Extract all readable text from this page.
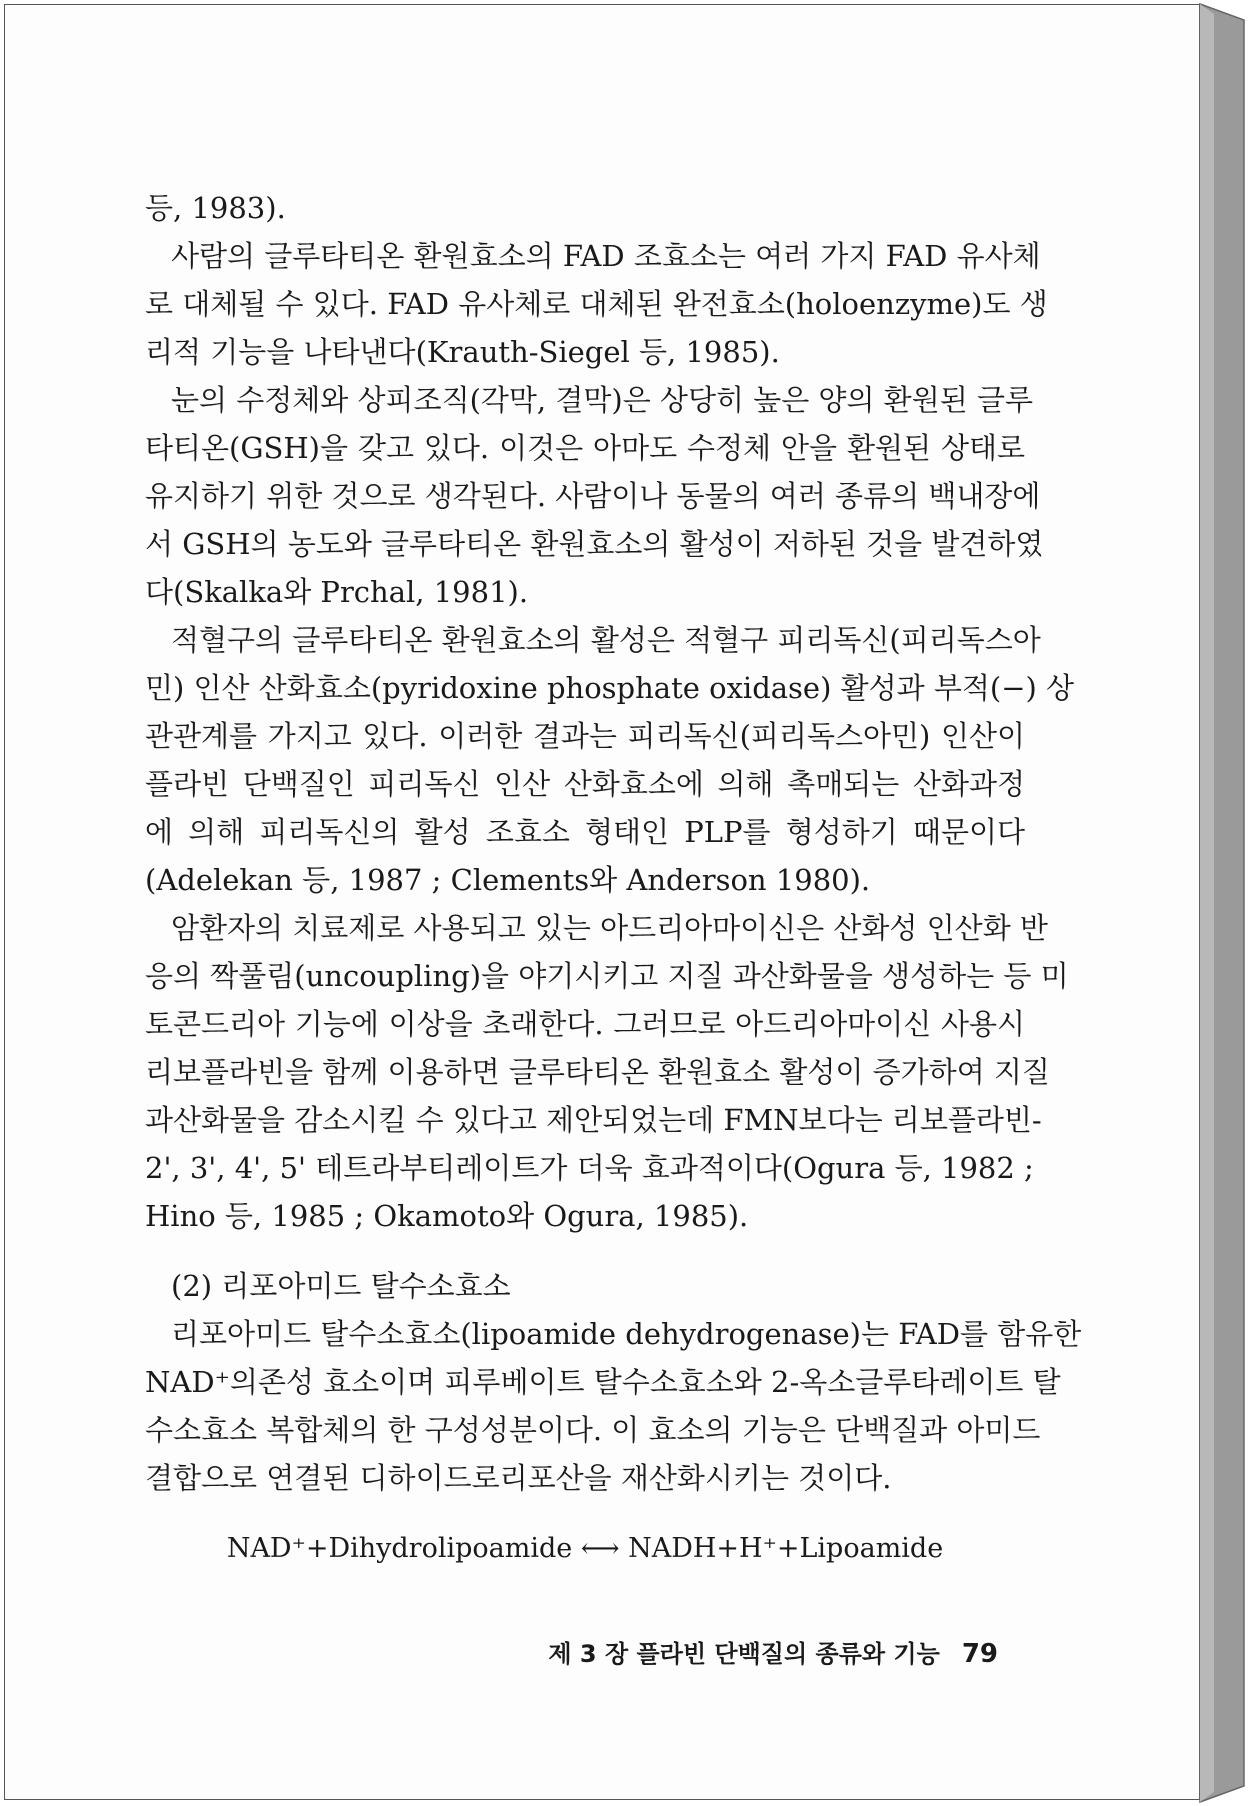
등, 1983).
사람의 글루타티온 환원효소의 FAD 조효소는 여러 가지 FAD 유사체
로 대체될 수 있다. FAD 유사체로 대체된 완전효소(holoenzyme)도 생
리적 기능을 나타낸다(Krauth-Siegel 등, 1985).
눈의 수정체와 상피조직(각막, 결막)은 상당히 높은 양의 환원된 글루
타티온(GSH)을 갖고 있다. 이것은 아마도 수정체 안을 환원된 상태로
유지하기 위한 것으로 생각된다. 사람이나 동물의 여러 종류의 백내장에
서 GSH의 농도와 글루타티온 환원효소의 활성이 저하된 것을 발견하였
다(Skalka와 Prchal, 1981).
적혈구의 글루타티온 환원효소의 활성은 적혈구 피리독신(피리독스아
민) 인산 산화효소(pyridoxine phosphate oxidase) 활성과 부적(−) 상
관관계를 가지고 있다. 이러한 결과는 피리독신(피리독스아민) 인산이
플라빈 단백질인 피리독신 인산 산화효소에 의해 촉매되는 산화과정
에 의해 피리독신의 활성 조효소 형태인 PLP를 형성하기 때문이다
(Adelekan 등, 1987 ; Clements와 Anderson 1980).
암환자의 치료제로 사용되고 있는 아드리아마이신은 산화성 인산화 반
응의 짝풀림(uncoupling)을 야기시키고 지질 과산화물을 생성하는 등 미
토콘드리아 기능에 이상을 초래한다. 그러므로 아드리아마이신 사용시
리보플라빈을 함께 이용하면 글루타티온 환원효소 활성이 증가하여 지질
과산화물을 감소시킬 수 있다고 제안되었는데 FMN보다는 리보플라빈-
2', 3', 4', 5' 테트라부티레이트가 더욱 효과적이다(Ogura 등, 1982 ;
Hino 등, 1985 ; Okamoto와 Ogura, 1985).
(2) 리포아미드 탈수소효소
리포아미드 탈수소효소(lipoamide dehydrogenase)는 FAD를 함유한
NAD⁺의존성 효소이며 피루베이트 탈수소효소와 2-옥소글루타레이트 탈
수소효소 복합체의 한 구성성분이다. 이 효소의 기능은 단백질과 아미드
결합으로 연결된 디하이드로리포산을 재산화시키는 것이다.
NAD⁺+Dihydrolipoamide ⟷ NADH+H⁺+Lipoamide
제 3 장 플라빈 단백질의 종류와 기능 79
